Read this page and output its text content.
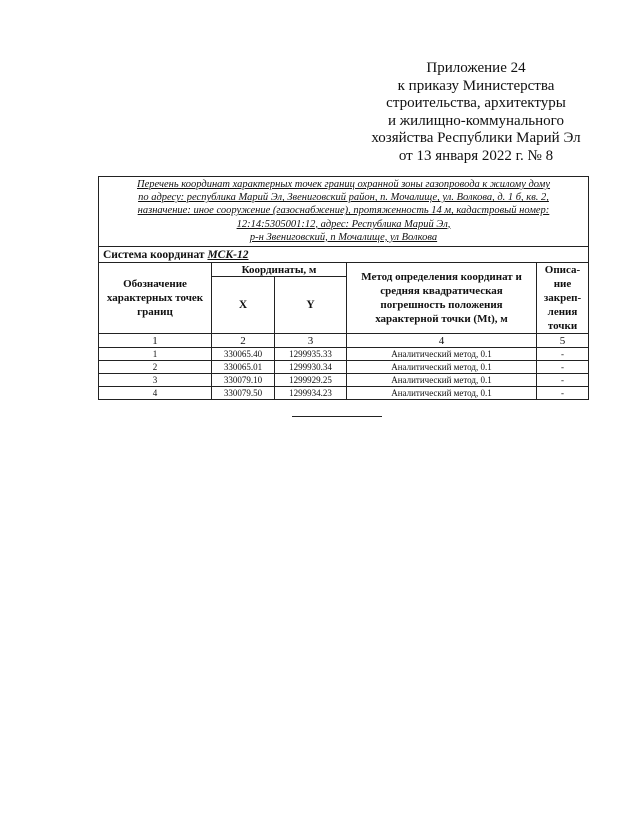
Приложение 24
к приказу Министерства
строительства, архитектуры
и жилищно-коммунального
хозяйства Республики Марий Эл
от 13 января 2022 г. № 8
Перечень координат характерных точек границ охранной зоны газопровода к жилому дому
по адресу: республика Марий Эл, Звениговский район, п. Мочалище, ул. Волкова, д. 1 б, кв. 2,
назначение: иное сооружение (газоснабжение), протяженность 14 м, кадастровый номер:
12:14:5305001:12, адрес: Республика Марий Эл,
р-н Звениговский, п Мочалище, ул Волкова				

Система координат МСК-12				
Обозначение характерных точек границ	Координаты, м		Метод определения координат и средняя квадратическая погрешность положения характерной точки (Mt), м	Описа-
ние
закреп-
ления
точки

	X	Y		
1	2	3	4	5
1	330065.40	1299935.33	Аналитический метод, 0.1	-
2	330065.01	1299930.34	Аналитический метод, 0.1	-
3	330079.10	1299929.25	Аналитический метод, 0.1	-
4	330079.50	1299934.23	Аналитический метод, 0.1	-
